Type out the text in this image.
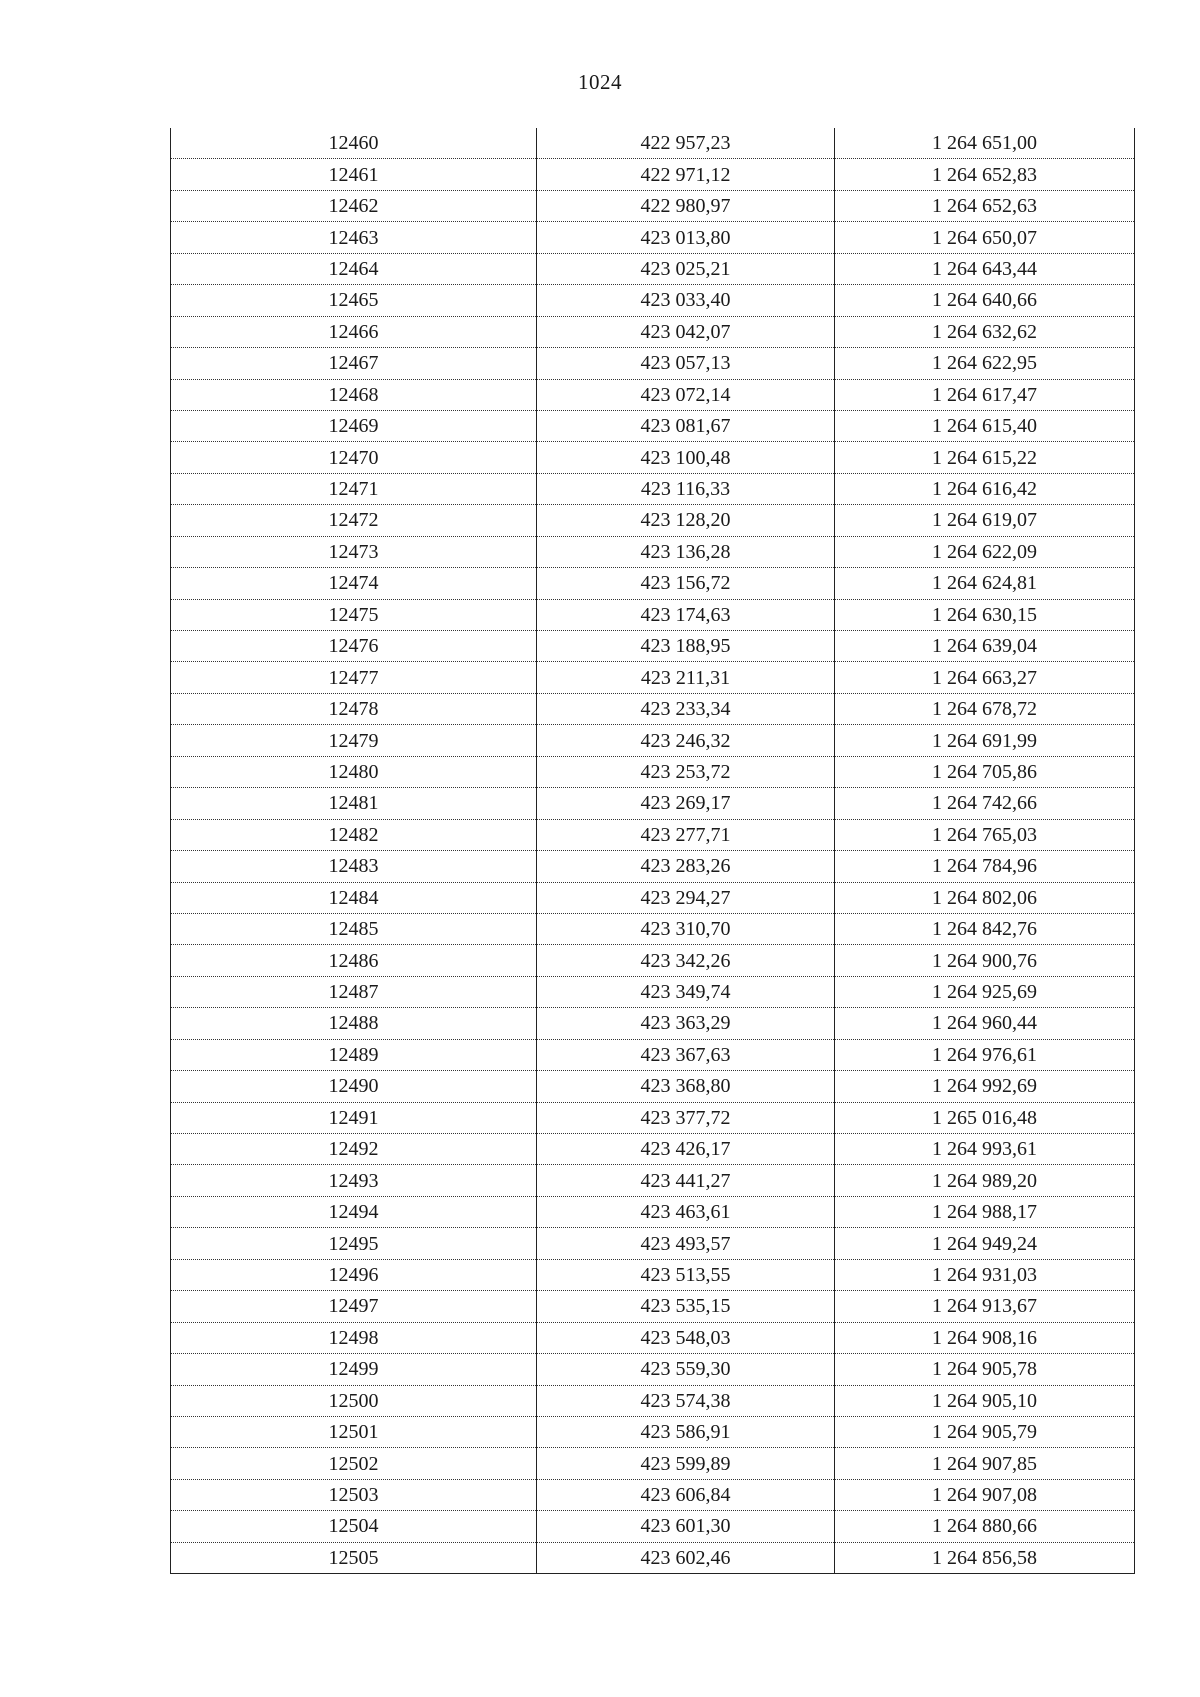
1024
12460	422 957,23	1 264 651,00
12461	422 971,12	1 264 652,83
12462	422 980,97	1 264 652,63
12463	423 013,80	1 264 650,07
12464	423 025,21	1 264 643,44
12465	423 033,40	1 264 640,66
12466	423 042,07	1 264 632,62
12467	423 057,13	1 264 622,95
12468	423 072,14	1 264 617,47
12469	423 081,67	1 264 615,40
12470	423 100,48	1 264 615,22
12471	423 116,33	1 264 616,42
12472	423 128,20	1 264 619,07
12473	423 136,28	1 264 622,09
12474	423 156,72	1 264 624,81
12475	423 174,63	1 264 630,15
12476	423 188,95	1 264 639,04
12477	423 211,31	1 264 663,27
12478	423 233,34	1 264 678,72
12479	423 246,32	1 264 691,99
12480	423 253,72	1 264 705,86
12481	423 269,17	1 264 742,66
12482	423 277,71	1 264 765,03
12483	423 283,26	1 264 784,96
12484	423 294,27	1 264 802,06
12485	423 310,70	1 264 842,76
12486	423 342,26	1 264 900,76
12487	423 349,74	1 264 925,69
12488	423 363,29	1 264 960,44
12489	423 367,63	1 264 976,61
12490	423 368,80	1 264 992,69
12491	423 377,72	1 265 016,48
12492	423 426,17	1 264 993,61
12493	423 441,27	1 264 989,20
12494	423 463,61	1 264 988,17
12495	423 493,57	1 264 949,24
12496	423 513,55	1 264 931,03
12497	423 535,15	1 264 913,67
12498	423 548,03	1 264 908,16
12499	423 559,30	1 264 905,78
12500	423 574,38	1 264 905,10
12501	423 586,91	1 264 905,79
12502	423 599,89	1 264 907,85
12503	423 606,84	1 264 907,08
12504	423 601,30	1 264 880,66
12505	423 602,46	1 264 856,58
